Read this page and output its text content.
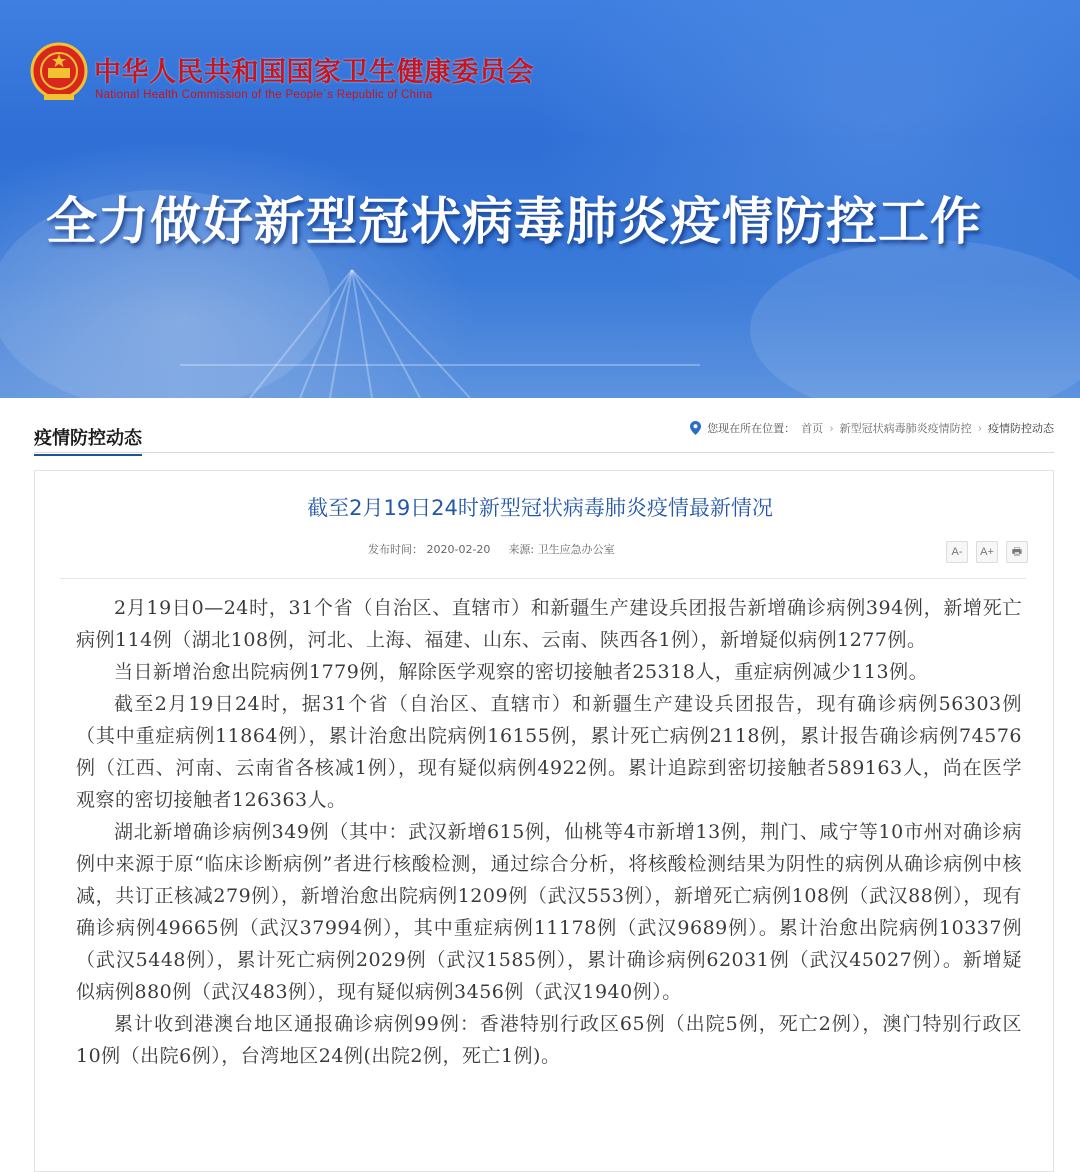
中华人民共和国国家卫生健康委员会
National Health Commission of the People`s Republic of China
全力做好新型冠状病毒肺炎疫情防控工作
疫情防控动态	您现在所在位置： 首页 › 新型冠状病毒肺炎疫情防控 › 疫情防控动态
截至2月19日24时新型冠状病毒肺炎疫情最新情况
发布时间： 2020-02-20 来源: 卫生应急办公室	A-	A+	🖶

2月19日0—24时，31个省（自治区、直辖市）和新疆生产建设兵团报告新增确诊病例394例，新增死亡病例114例（湖北108例，河北、上海、福建、山东、云南、陕西各1例），新增疑似病例1277例。

当日新增治愈出院病例1779例，解除医学观察的密切接触者25318人，重症病例减少113例。

截至2月19日24时，据31个省（自治区、直辖市）和新疆生产建设兵团报告，现有确诊病例56303例（其中重症病例11864例），累计治愈出院病例16155例，累计死亡病例2118例，累计报告确诊病例74576例（江西、河南、云南省各核减1例），现有疑似病例4922例。累计追踪到密切接触者589163人，尚在医学观察的密切接触者126363人。

湖北新增确诊病例349例（其中：武汉新增615例，仙桃等4市新增13例，荆门、咸宁等10市州对确诊病例中来源于原“临床诊断病例”者进行核酸检测，通过综合分析，将核酸检测结果为阴性的病例从确诊病例中核减，共订正核减279例），新增治愈出院病例1209例（武汉553例），新增死亡病例108例（武汉88例），现有确诊病例49665例（武汉37994例），其中重症病例11178例（武汉9689例）。累计治愈出院病例10337例（武汉5448例），累计死亡病例2029例（武汉1585例），累计确诊病例62031例（武汉45027例）。新增疑似病例880例（武汉483例），现有疑似病例3456例（武汉1940例）。

累计收到港澳台地区通报确诊病例99例：香港特别行政区65例（出院5例，死亡2例），澳门特别行政区10例（出院6例），台湾地区24例(出院2例，死亡1例)。
